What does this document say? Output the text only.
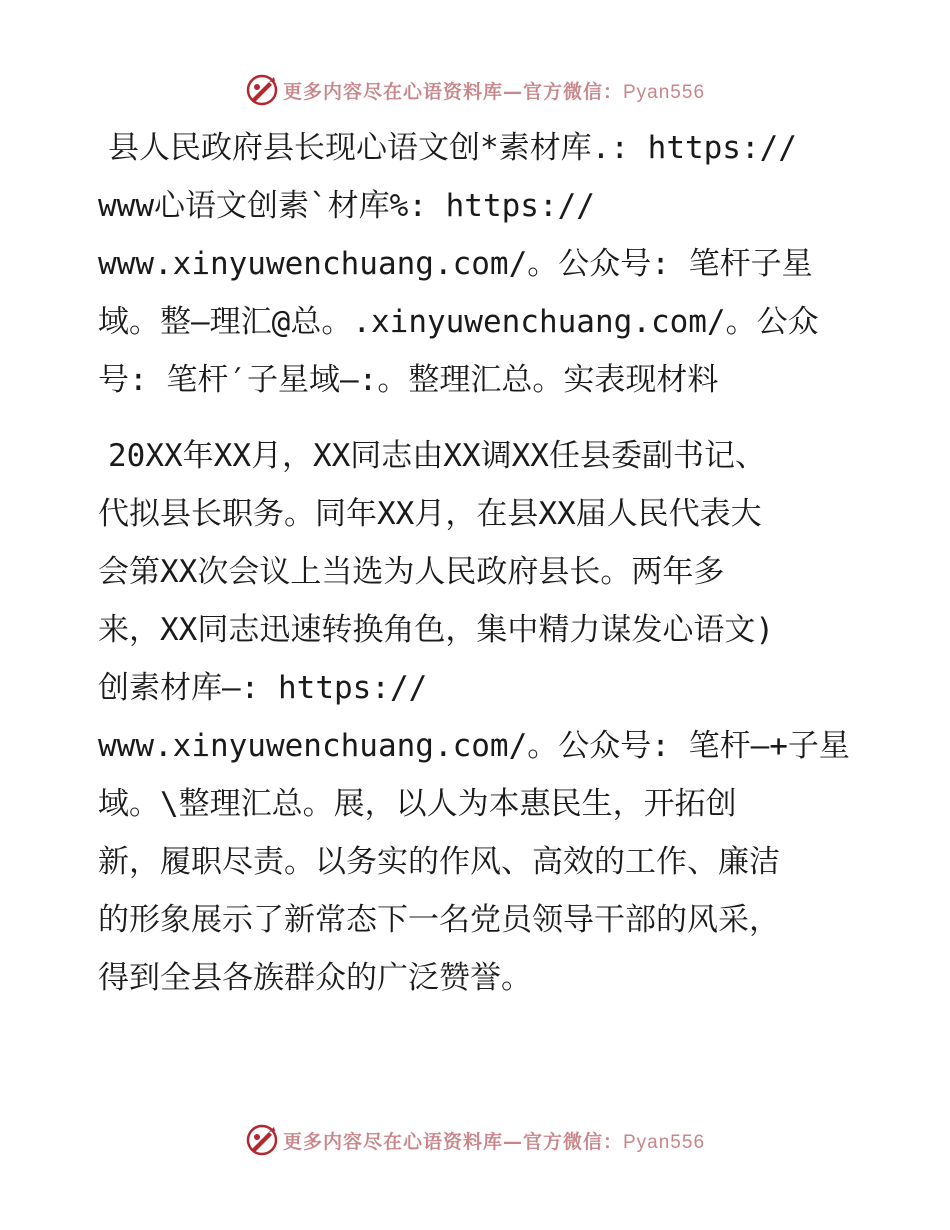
更多内容尽在心语资料库—官方微信：Pyan556
县人民政府县长现心语文创*素材库.: https://
www心语文创素`材库%: https://
www.xinyuwenchuang.com/。公众号: 笔杆子星
域。整—理汇@总。.xinyuwenchuang.com/。公众
号: 笔杆′子星域—:。整理汇总。实表现材料
20XX年XX月，XX同志由XX调XX任县委副书记、
代拟县长职务。同年XX月，在县XX届人民代表大
会第XX次会议上当选为人民政府县长。两年多
来，XX同志迅速转换角色，集中精力谋发心语文)
创素材库—: https://
www.xinyuwenchuang.com/。公众号: 笔杆—+子星
域。\整理汇总。展，以人为本惠民生，开拓创
新，履职尽责。以务实的作风、高效的工作、廉洁
的形象展示了新常态下一名党员领导干部的风采，
得到全县各族群众的广泛赞誉。
更多内容尽在心语资料库—官方微信：Pyan556
